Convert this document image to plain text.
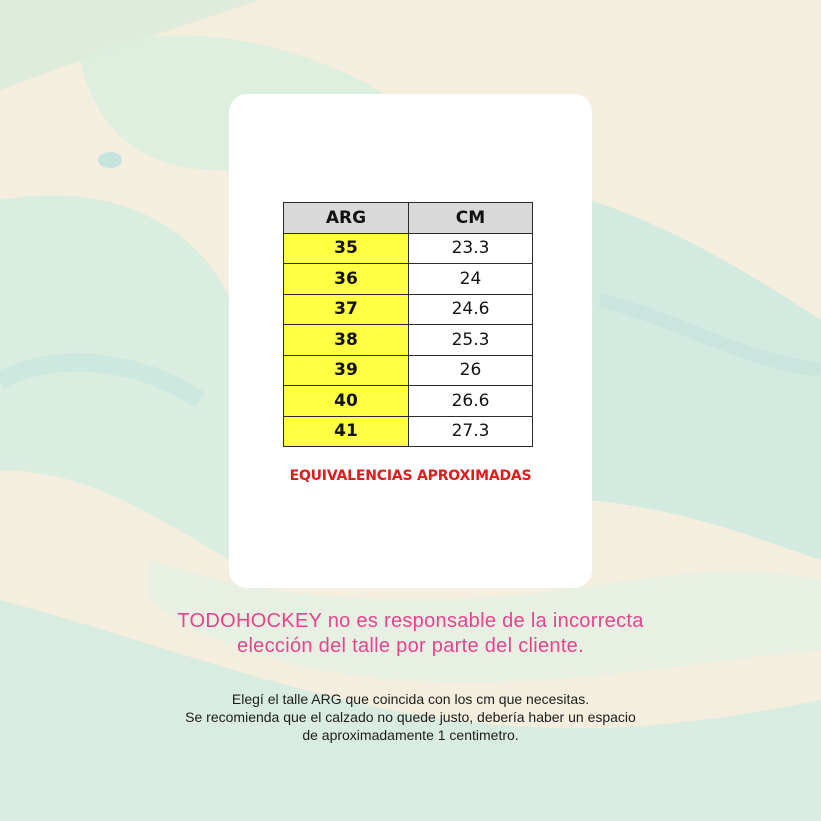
ARG	CM
35	23.3
36	24
37	24.6
38	25.3
39	26
40	26.6
41	27.3
EQUIVALENCIAS APROXIMADAS
TODOHOCKEY no es responsable de la incorrecta
elección del talle por parte del cliente.
Elegí el talle ARG que coincida con los cm que necesitas.
Se recomienda que el calzado no quede justo, debería haber un espacio
de aproximadamente 1 centimetro.
